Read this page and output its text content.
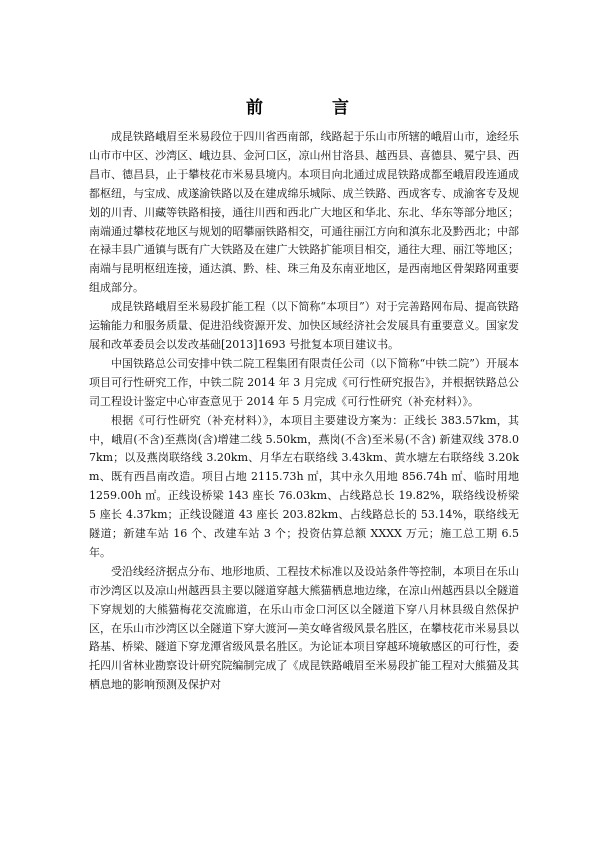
前　言

成昆铁路峨眉至米易段位于四川省西南部，线路起于乐山市所辖的峨眉山市，途经乐山市市中区、沙湾区、峨边县、金河口区，凉山州甘洛县、越西县、喜德县、冕宁县、西昌市、德昌县，止于攀枝花市米易县境内。本项目向北通过成昆铁路成都至峨眉段连通成都枢纽，与宝成、成遂渝铁路以及在建成绵乐城际、成兰铁路、西成客专、成渝客专及规划的川青、川藏等铁路相接，通往川西和西北广大地区和华北、东北、华东等部分地区；南端通过攀枝花地区与规划的昭攀丽铁路相交，可通往丽江方向和滇东北及黔西北；中部在禄丰县广通镇与既有广大铁路及在建广大铁路扩能项目相交，通往大理、丽江等地区；南端与昆明枢纽连接，通达滇、黔、桂、珠三角及东南亚地区，是西南地区骨架路网重要组成部分。

成昆铁路峨眉至米易段扩能工程（以下简称“本项目”）对于完善路网布局、提高铁路运输能力和服务质量、促进沿线资源开发、加快区域经济社会发展具有重要意义。国家发展和改革委员会以发改基础[2013]1693 号批复本项目建议书。

中国铁路总公司安排中铁二院工程集团有限责任公司（以下简称“中铁二院”）开展本项目可行性研究工作，中铁二院 2014 年 3 月完成《可行性研究报告》，并根据铁路总公司工程设计鉴定中心审查意见于 2014 年 5 月完成《可行性研究（补充材料）》。

根据《可行性研究（补充材料）》，本项目主要建设方案为：正线长 383.57km，其中，峨眉(不含)至燕岗(含)增建二线 5.50km，燕岗(不含)至米易(不含) 新建双线 378.07km；以及燕岗联络线 3.20km、月华左右联络线 3.43km、黄水塘左右联络线 3.20km、既有西昌南改造。项目占地 2115.73h ㎡，其中永久用地 856.74h ㎡、临时用地 1259.00h ㎡。正线设桥梁 143 座长 76.03km、占线路总长 19.82%，联络线设桥梁 5 座长 4.37km；正线设隧道 43 座长 203.82km、占线路总长的 53.14%，联络线无隧道；新建车站 16 个、改建车站 3 个；投资估算总额 XXXX 万元；施工总工期 6.5 年。

受沿线经济据点分布、地形地质、工程技术标准以及设站条件等控制，本项目在乐山市沙湾区以及凉山州越西县主要以隧道穿越大熊猫栖息地边缘，在凉山州越西县以全隧道下穿规划的大熊猫梅花交流廊道，在乐山市金口河区以全隧道下穿八月林县级自然保护区，在乐山市沙湾区以全隧道下穿大渡河—美女峰省级风景名胜区，在攀枝花市米易县以路基、桥梁、隧道下穿龙潭省级风景名胜区。为论证本项目穿越环境敏感区的可行性，委托四川省林业勘察设计研究院编制完成了《成昆铁路峨眉至米易段扩能工程对大熊猫及其栖息地的影响预测及保护对
